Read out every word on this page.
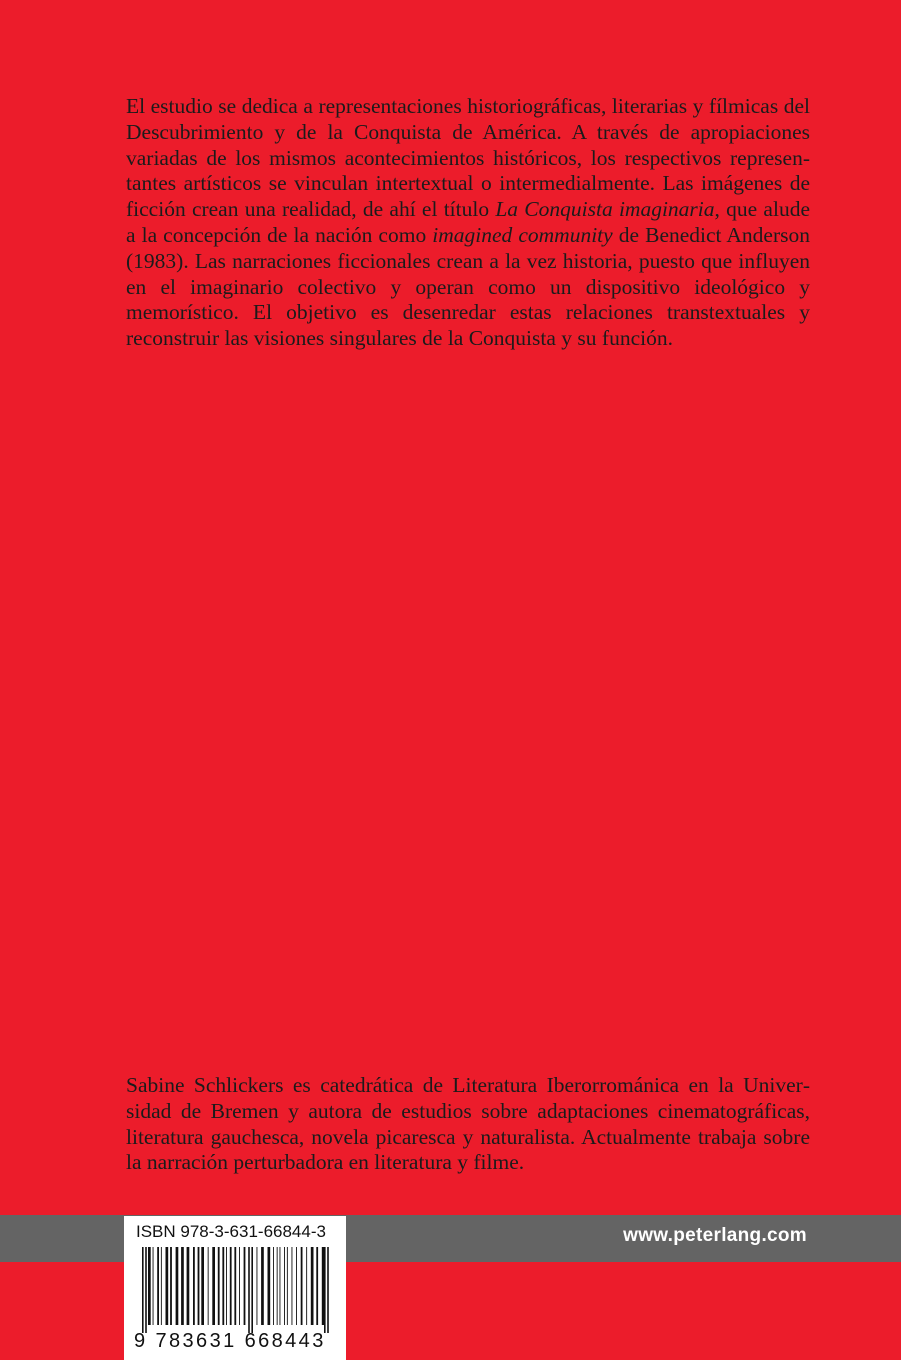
El estudio se dedica a representaciones historiográficas, literarias y fílmicas del Descubrimiento y de la Conquista de América. A través de apropiaciones variadas de los mismos acontecimientos históricos, los respectivos representantes artísticos se vinculan intertextual o intermedialmente. Las imágenes de ficción crean una realidad, de ahí el título La Conquista imaginaria, que alude a la concepción de la nación como imagined community de Benedict Anderson (1983). Las narraciones ficcionales crean a la vez historia, puesto que influyen en el imaginario colectivo y operan como un dispositivo ideológico y memorístico. El objetivo es desenredar estas relaciones transtextuales y reconstruir las visiones singulares de la Conquista y su función.

Sabine Schlickers es catedrática de Literatura Iberorrománica en la Universidad de Bremen y autora de estudios sobre adaptaciones cinematográficas, literatura gauchesca, novela picaresca y naturalista. Actualmente trabaja sobre la narración perturbadora en literatura y filme.

www.peterlang.com
ISBN 978-3-631-66844-3
9 783631 668443
